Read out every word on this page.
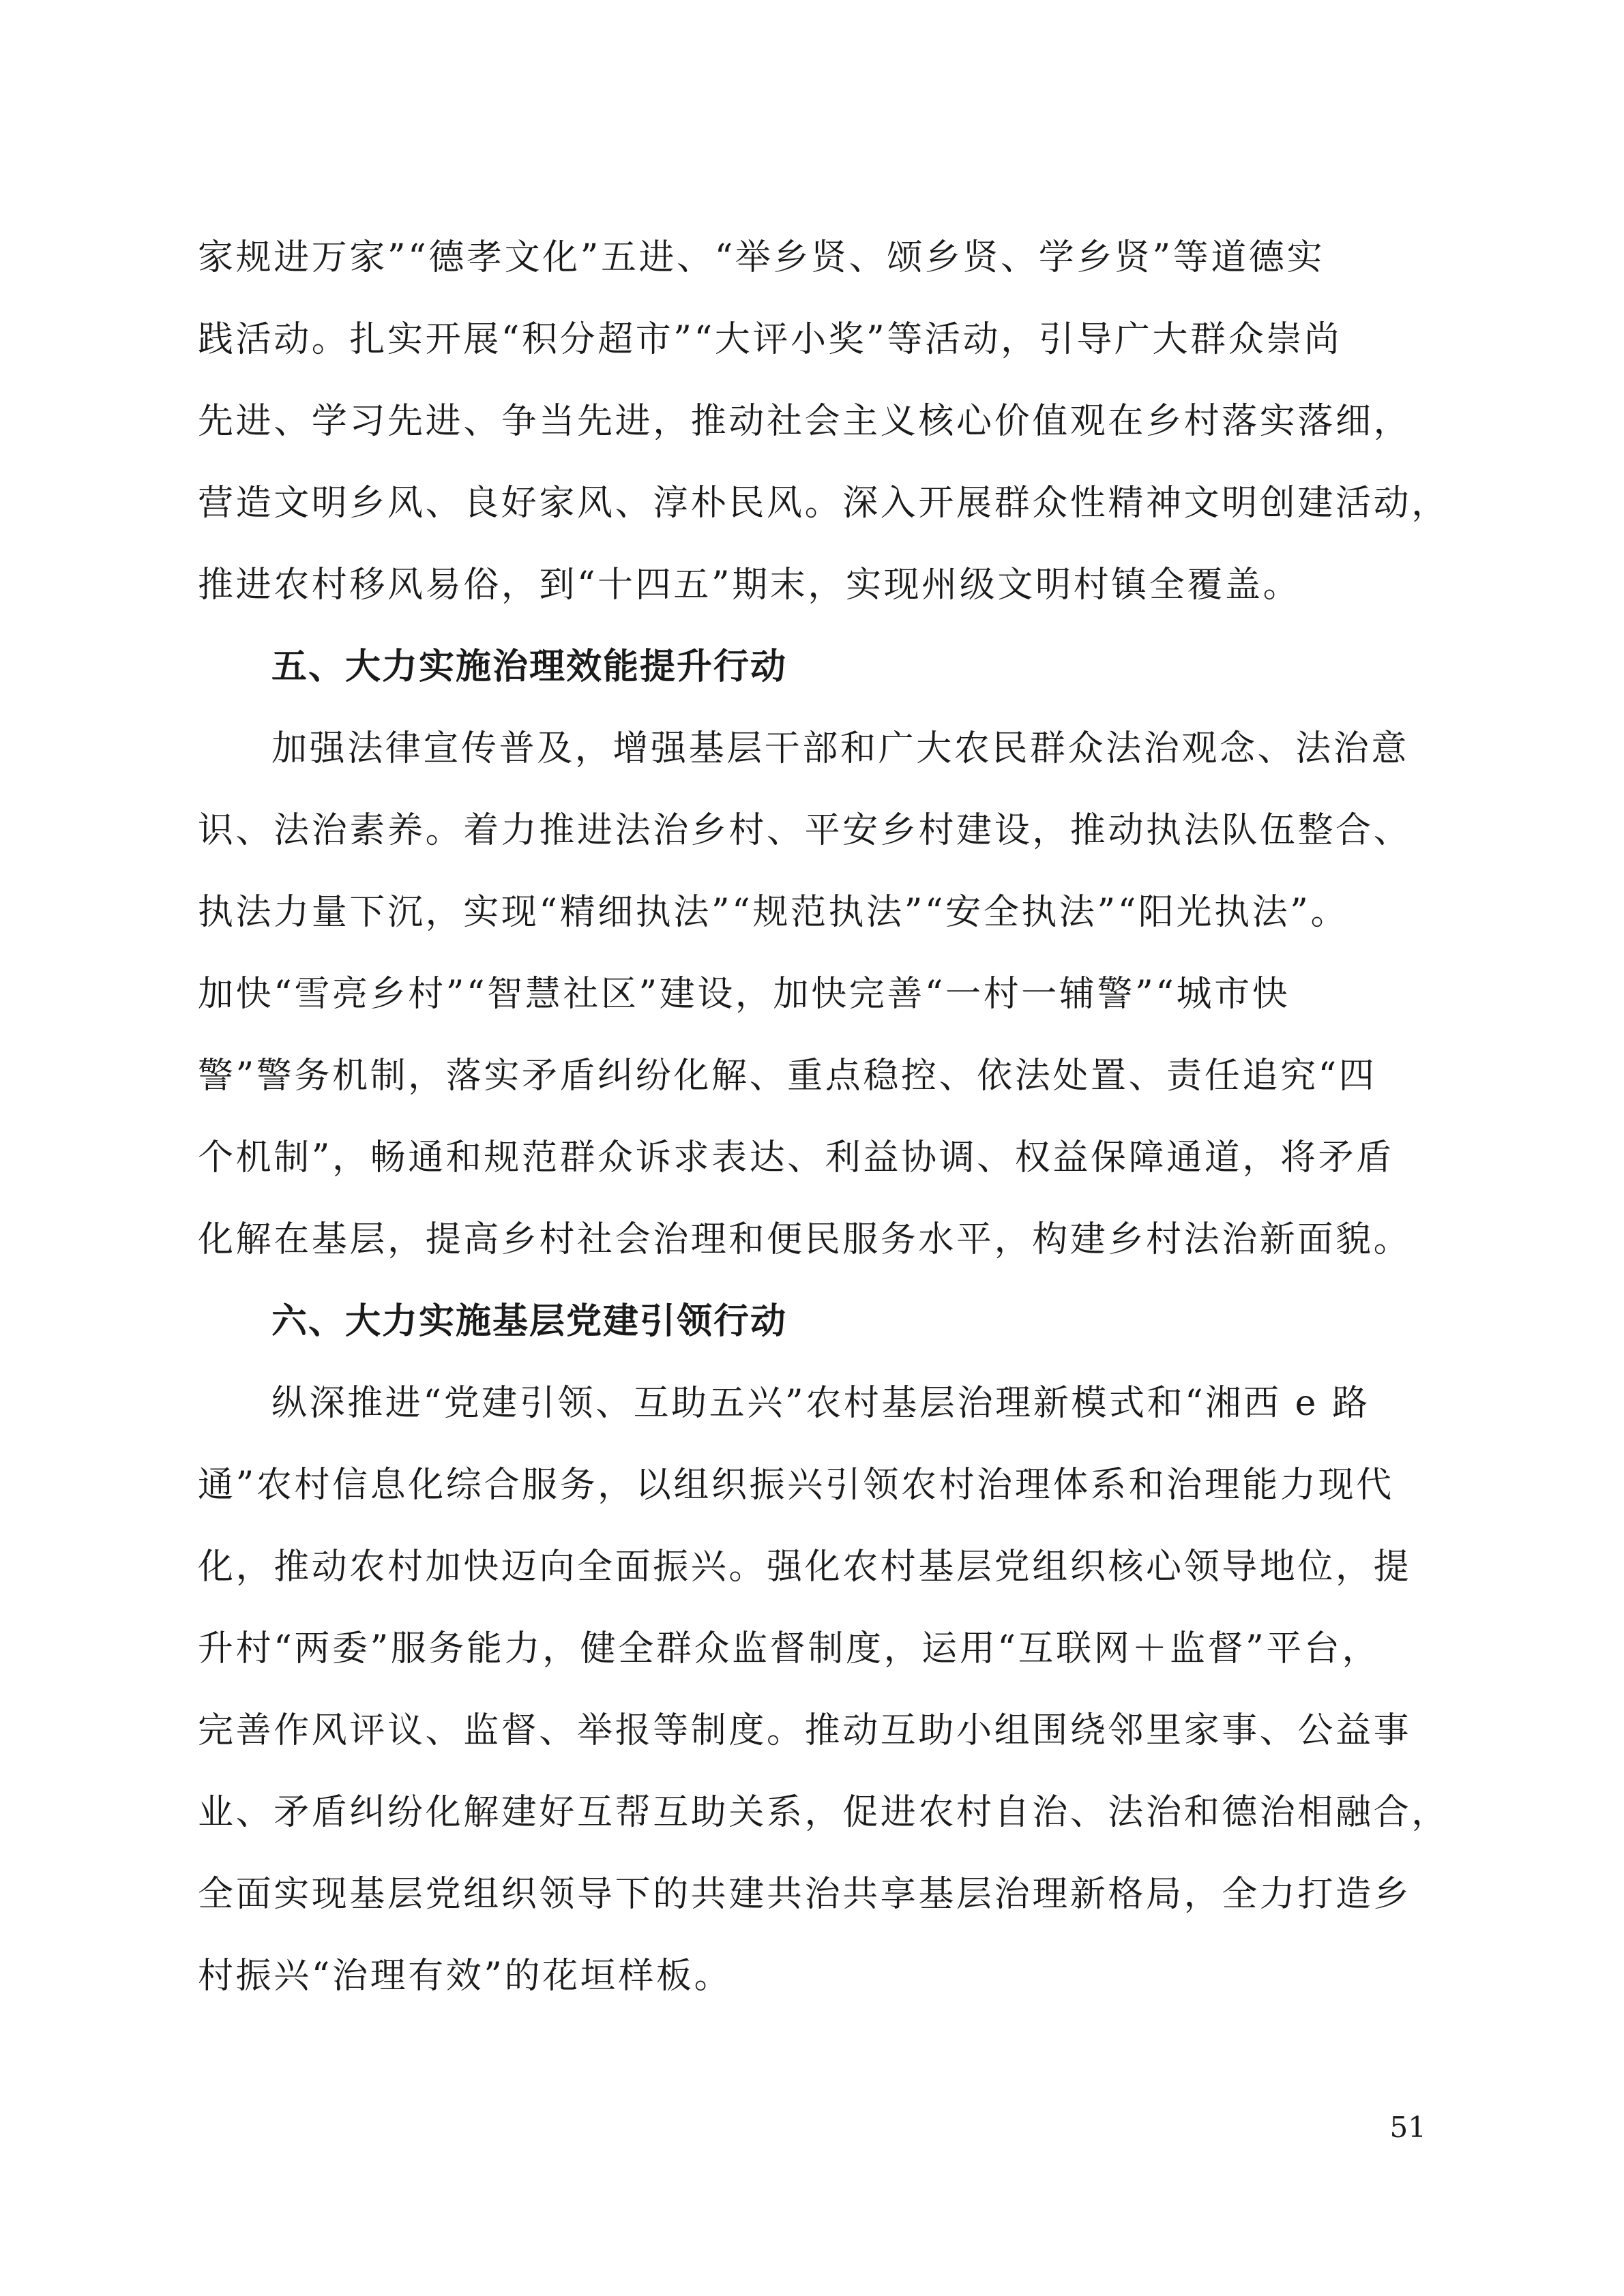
家规进万家”“德孝文化”五进、“举乡贤、颂乡贤、学乡贤”等道德实
践活动。扎实开展“积分超市”“大评小奖”等活动，引导广大群众崇尚
先进、学习先进、争当先进，推动社会主义核心价值观在乡村落实落细，
营造文明乡风、良好家风、淳朴民风。深入开展群众性精神文明创建活动，
推进农村移风易俗，到“十四五”期末，实现州级文明村镇全覆盖。
五、大力实施治理效能提升行动
加强法律宣传普及，增强基层干部和广大农民群众法治观念、法治意
识、法治素养。着力推进法治乡村、平安乡村建设，推动执法队伍整合、
执法力量下沉，实现“精细执法”“规范执法”“安全执法”“阳光执法”。
加快“雪亮乡村”“智慧社区”建设，加快完善“一村一辅警”“城市快
警”警务机制，落实矛盾纠纷化解、重点稳控、依法处置、责任追究“四
个机制”，畅通和规范群众诉求表达、利益协调、权益保障通道，将矛盾
化解在基层，提高乡村社会治理和便民服务水平，构建乡村法治新面貌。
六、大力实施基层党建引领行动
纵深推进“党建引领、互助五兴”农村基层治理新模式和“湘西 e 路
通”农村信息化综合服务，以组织振兴引领农村治理体系和治理能力现代
化，推动农村加快迈向全面振兴。强化农村基层党组织核心领导地位，提
升村“两委”服务能力，健全群众监督制度，运用“互联网＋监督”平台，
完善作风评议、监督、举报等制度。推动互助小组围绕邻里家事、公益事
业、矛盾纠纷化解建好互帮互助关系，促进农村自治、法治和德治相融合，
全面实现基层党组织领导下的共建共治共享基层治理新格局，全力打造乡
村振兴“治理有效”的花垣样板。
51
